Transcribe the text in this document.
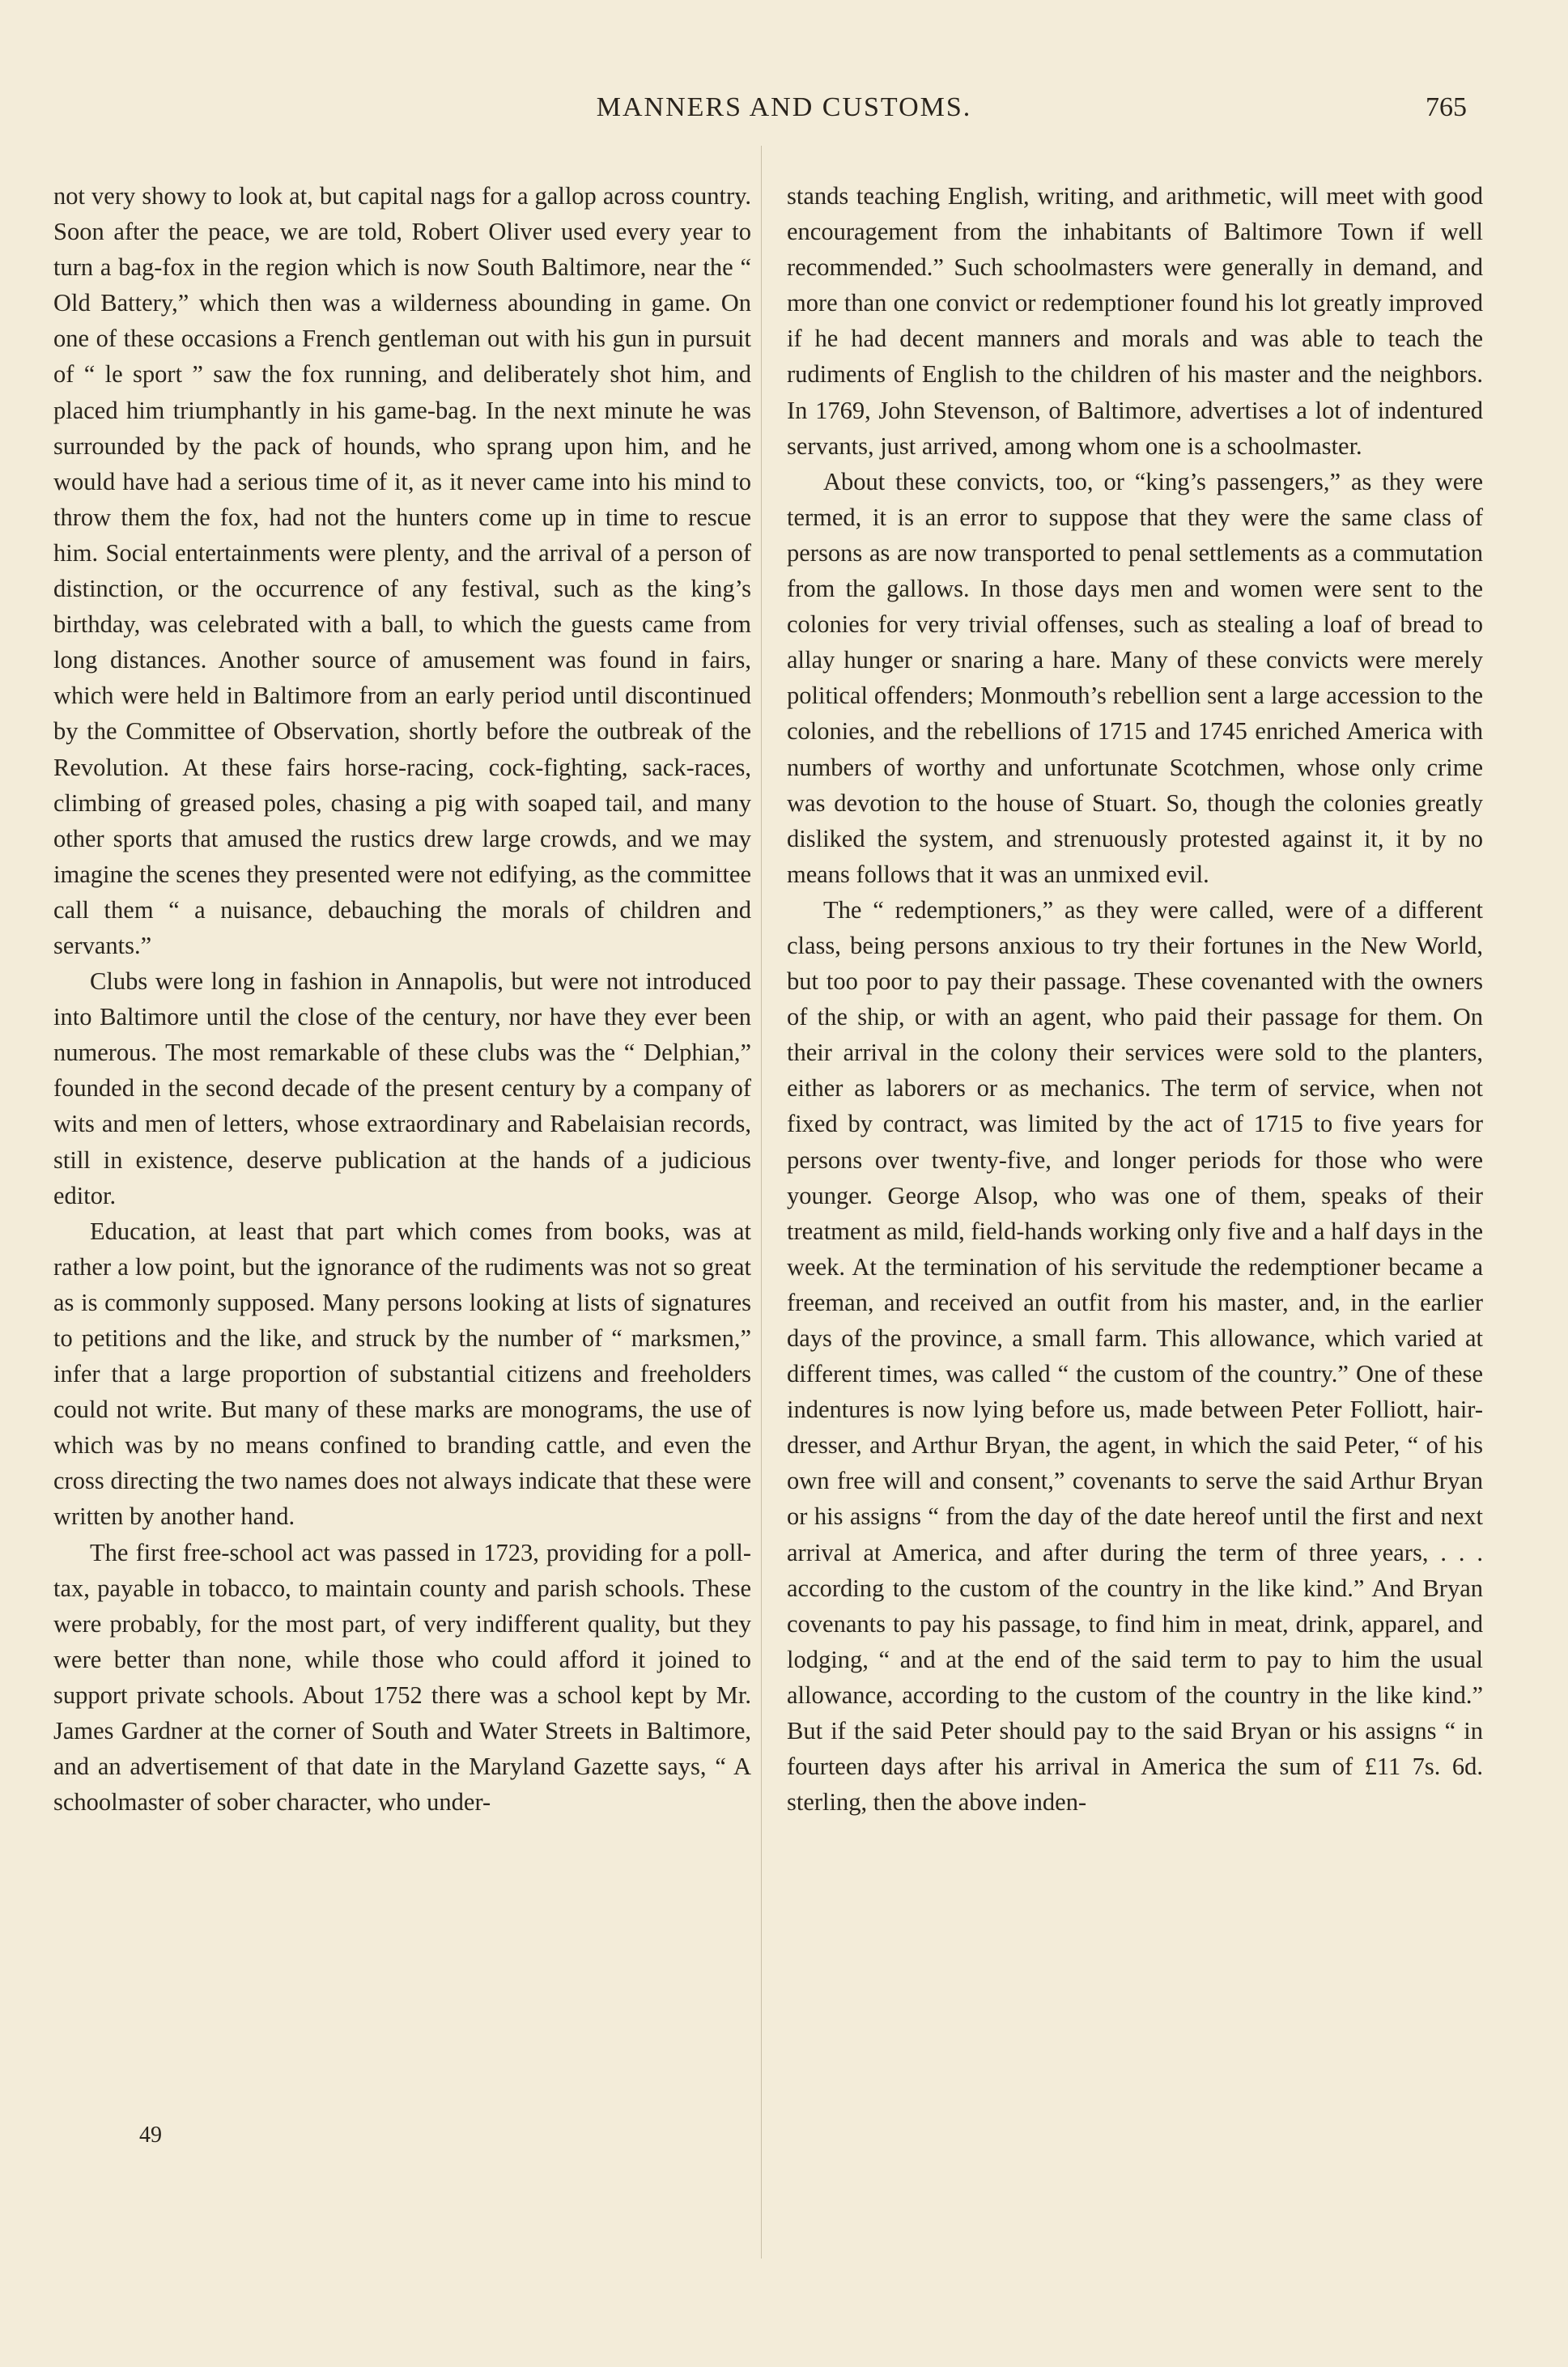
MANNERS AND CUSTOMS.	765

not very showy to look at, but capital nags for a gallop across country. Soon after the peace, we are told, Robert Oliver used every year to turn a bag-fox in the region which is now South Baltimore, near the “ Old Battery,” which then was a wilderness abounding in game. On one of these occasions a French gentleman out with his gun in pursuit of “ le sport ” saw the fox running, and deliberately shot him, and placed him triumphantly in his game-bag. In the next minute he was surrounded by the pack of hounds, who sprang upon him, and he would have had a serious time of it, as it never came into his mind to throw them the fox, had not the hunters come up in time to rescue him. Social entertainments were plenty, and the arrival of a person of distinction, or the occurrence of any festival, such as the king’s birthday, was celebrated with a ball, to which the guests came from long distances. Another source of amusement was found in fairs, which were held in Baltimore from an early period until discontinued by the Committee of Observation, shortly before the outbreak of the Revolution. At these fairs horse-racing, cock-fighting, sack-races, climbing of greased poles, chasing a pig with soaped tail, and many other sports that amused the rustics drew large crowds, and we may imagine the scenes they presented were not edifying, as the committee call them “ a nuisance, debauching the morals of children and servants.”

Clubs were long in fashion in Annapolis, but were not introduced into Baltimore until the close of the century, nor have they ever been numerous. The most remarkable of these clubs was the “ Delphian,” founded in the second decade of the present century by a company of wits and men of letters, whose extraordinary and Rabelaisian records, still in existence, deserve publication at the hands of a judicious editor.

Education, at least that part which comes from books, was at rather a low point, but the ignorance of the rudiments was not so great as is commonly supposed. Many persons looking at lists of signatures to petitions and the like, and struck by the number of “ marksmen,” infer that a large proportion of substantial citizens and freeholders could not write. But many of these marks are monograms, the use of which was by no means confined to branding cattle, and even the cross directing the two names does not always indicate that these were written by another hand.

The first free-school act was passed in 1723, providing for a poll-tax, payable in tobacco, to maintain county and parish schools. These were probably, for the most part, of very indifferent quality, but they were better than none, while those who could afford it joined to support private schools. About 1752 there was a school kept by Mr. James Gardner at the corner of South and Water Streets in Baltimore, and an advertisement of that date in the Maryland Gazette says, “ A schoolmaster of sober character, who under-

stands teaching English, writing, and arithmetic, will meet with good encouragement from the inhabitants of Baltimore Town if well recommended.” Such schoolmasters were generally in demand, and more than one convict or redemptioner found his lot greatly improved if he had decent manners and morals and was able to teach the rudiments of English to the children of his master and the neighbors. In 1769, John Stevenson, of Baltimore, advertises a lot of indentured servants, just arrived, among whom one is a schoolmaster.

About these convicts, too, or “king’s passengers,” as they were termed, it is an error to suppose that they were the same class of persons as are now transported to penal settlements as a commutation from the gallows. In those days men and women were sent to the colonies for very trivial offenses, such as stealing a loaf of bread to allay hunger or snaring a hare. Many of these convicts were merely political offenders; Monmouth’s rebellion sent a large accession to the colonies, and the rebellions of 1715 and 1745 enriched America with numbers of worthy and unfortunate Scotchmen, whose only crime was devotion to the house of Stuart. So, though the colonies greatly disliked the system, and strenuously protested against it, it by no means follows that it was an unmixed evil.

The “ redemptioners,” as they were called, were of a different class, being persons anxious to try their fortunes in the New World, but too poor to pay their passage. These covenanted with the owners of the ship, or with an agent, who paid their passage for them. On their arrival in the colony their services were sold to the planters, either as laborers or as mechanics. The term of service, when not fixed by contract, was limited by the act of 1715 to five years for persons over twenty-five, and longer periods for those who were younger. George Alsop, who was one of them, speaks of their treatment as mild, field-hands working only five and a half days in the week. At the termination of his servitude the redemptioner became a freeman, and received an outfit from his master, and, in the earlier days of the province, a small farm. This allowance, which varied at different times, was called “ the custom of the country.” One of these indentures is now lying before us, made between Peter Folliott, hair-dresser, and Arthur Bryan, the agent, in which the said Peter, “ of his own free will and consent,” covenants to serve the said Arthur Bryan or his assigns “ from the day of the date hereof until the first and next arrival at America, and after during the term of three years, . . . according to the custom of the country in the like kind.” And Bryan covenants to pay his passage, to find him in meat, drink, apparel, and lodging, “ and at the end of the said term to pay to him the usual allowance, according to the custom of the country in the like kind.” But if the said Peter should pay to the said Bryan or his assigns “ in fourteen days after his arrival in America the sum of £11 7s. 6d. sterling, then the above inden-

49
